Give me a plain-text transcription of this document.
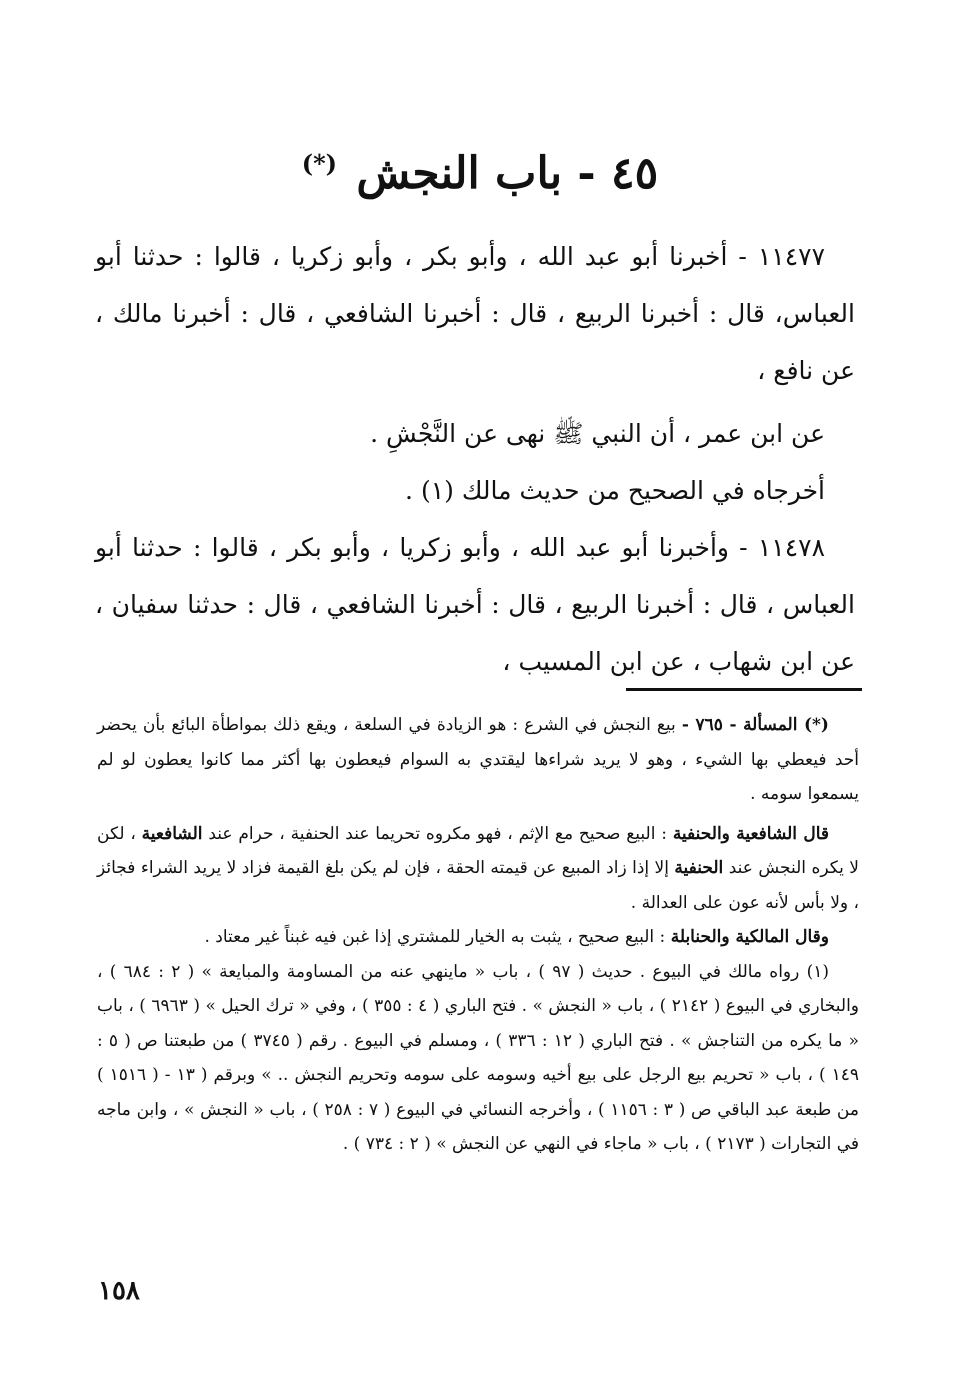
٤٥ - باب النجش (*)

١١٤٧٧ - أخبرنا أبو عبد الله ، وأبو بكر ، وأبو زكريا ، قالوا : حدثنا أبو العباس، قال : أخبرنا الربيع ، قال : أخبرنا الشافعي ، قال : أخبرنا مالك ، عن نافع ،

عن ابن عمر ، أن النبي ﷺ نهى عن النَّجْشِ .

أخرجاه في الصحيح من حديث مالك (١) .

١١٤٧٨ - وأخبرنا أبو عبد الله ، وأبو زكريا ، وأبو بكر ، قالوا : حدثنا أبو العباس ، قال : أخبرنا الربيع ، قال : أخبرنا الشافعي ، قال : حدثنا سفيان ، عن ابن شهاب ، عن ابن المسيب ،

(*) المسألة - ٧٦٥ - بيع النجش في الشرع : هو الزيادة في السلعة ، ويقع ذلك بمواطأة البائع بأن يحضر أحد فيعطي بها الشيء ، وهو لا يريد شراءها ليقتدي به السوام فيعطون بها أكثر مما كانوا يعطون لو لم يسمعوا سومه .

قال الشافعية والحنفية : البيع صحيح مع الإثم ، فهو مكروه تحريما عند الحنفية ، حرام عند الشافعية ، لكن لا يكره النجش عند الحنفية إلا إذا زاد المبيع عن قيمته الحقة ، فإن لم يكن بلغ القيمة فزاد لا يريد الشراء فجائز ، ولا بأس لأنه عون على العدالة .

وقال المالكية والحنابلة : البيع صحيح ، يثبت به الخيار للمشتري إذا غبن فيه غبناً غير معتاد .

(١) رواه مالك في البيوع . حديث ( ٩٧ ) ، باب « ماينهي عنه من المساومة والمبايعة » ( ٢ : ٦٨٤ ) ، والبخاري في البيوع ( ٢١٤٢ ) ، باب « النجش » . فتح الباري ( ٤ : ٣٥٥ ) ، وفي « ترك الحيل » ( ٦٩٦٣ ) ، باب « ما يكره من التناجش » . فتح الباري ( ١٢ : ٣٣٦ ) ، ومسلم في البيوع . رقم ( ٣٧٤٥ ) من طبعتنا ص ( ٥ : ١٤٩ ) ، باب « تحريم بيع الرجل على بيع أخيه وسومه على سومه وتحريم النجش .. » وبرقم ( ١٣ - ( ١٥١٦ ) من طبعة عبد الباقي ص ( ٣ : ١١٥٦ ) ، وأخرجه النسائي في البيوع ( ٧ : ٢٥٨ ) ، باب « النجش » ، وابن ماجه في التجارات ( ٢١٧٣ ) ، باب « ماجاء في النهي عن النجش » ( ٢ : ٧٣٤ ) .

١٥٨
